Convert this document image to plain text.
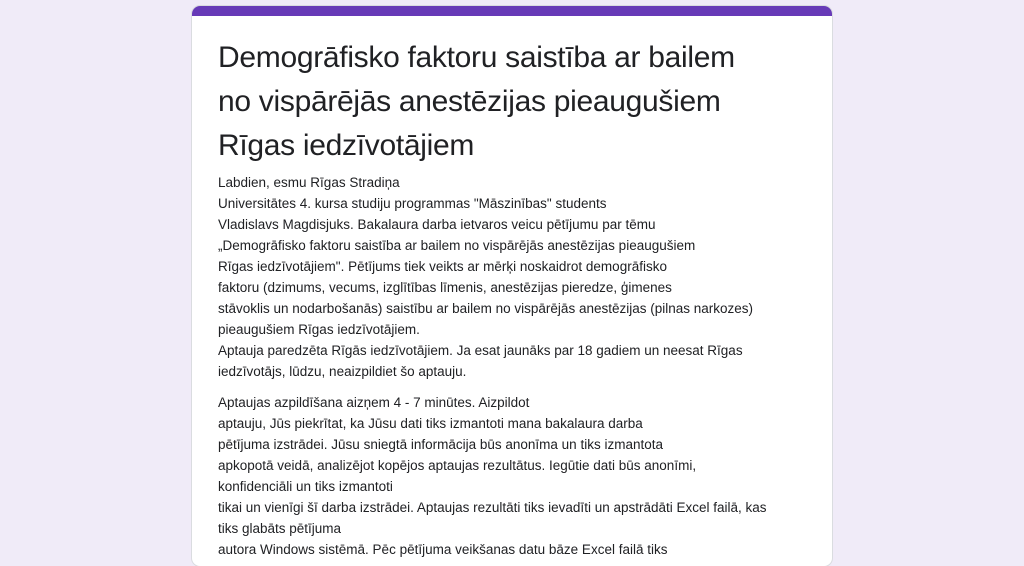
Demogrāfisko faktoru saistība ar bailem
no vispārējās anestēzijas pieaugušiem
Rīgas iedzīvotājiem
Labdien, esmu Rīgas Stradiņa
Universitātes 4. kursa studiju programmas "Māszinības" students
Vladislavs Magdisjuks. Bakalaura darba ietvaros veicu pētījumu par tēmu
„Demogrāfisko faktoru saistība ar bailem no vispārējās anestēzijas pieaugušiem
Rīgas iedzīvotājiem". Pētījums tiek veikts ar mērķi noskaidrot demogrāfisko
faktoru (dzimums, vecums, izglītības līmenis, anestēzijas pieredze, ģimenes
stāvoklis un nodarbošanās) saistību ar bailem no vispārējās anestēzijas (pilnas narkozes)
pieaugušiem Rīgas iedzīvotājiem.
Aptauja paredzēta Rīgās iedzīvotājiem. Ja esat jaunāks par 18 gadiem un neesat Rīgas
iedzīvotājs, lūdzu, neaizpildiet šo aptauju.
Aptaujas azpildīšana aizņem 4 - 7 minūtes. Aizpildot
aptauju, Jūs piekrītat, ka Jūsu dati tiks izmantoti mana bakalaura darba
pētījuma izstrādei. Jūsu sniegtā informācija būs anonīma un tiks izmantota
apkopotā veidā, analizējot kopējos aptaujas rezultātus. Iegūtie dati būs anonīmi,
konfidenciāli un tiks izmantoti
tikai un vienīgi šī darba izstrādei. Aptaujas rezultāti tiks ievadīti un apstrādāti Excel failā, kas
tiks glabāts pētījuma
autora Windows sistēmā. Pēc pētījuma veikšanas datu bāze Excel failā tiks
